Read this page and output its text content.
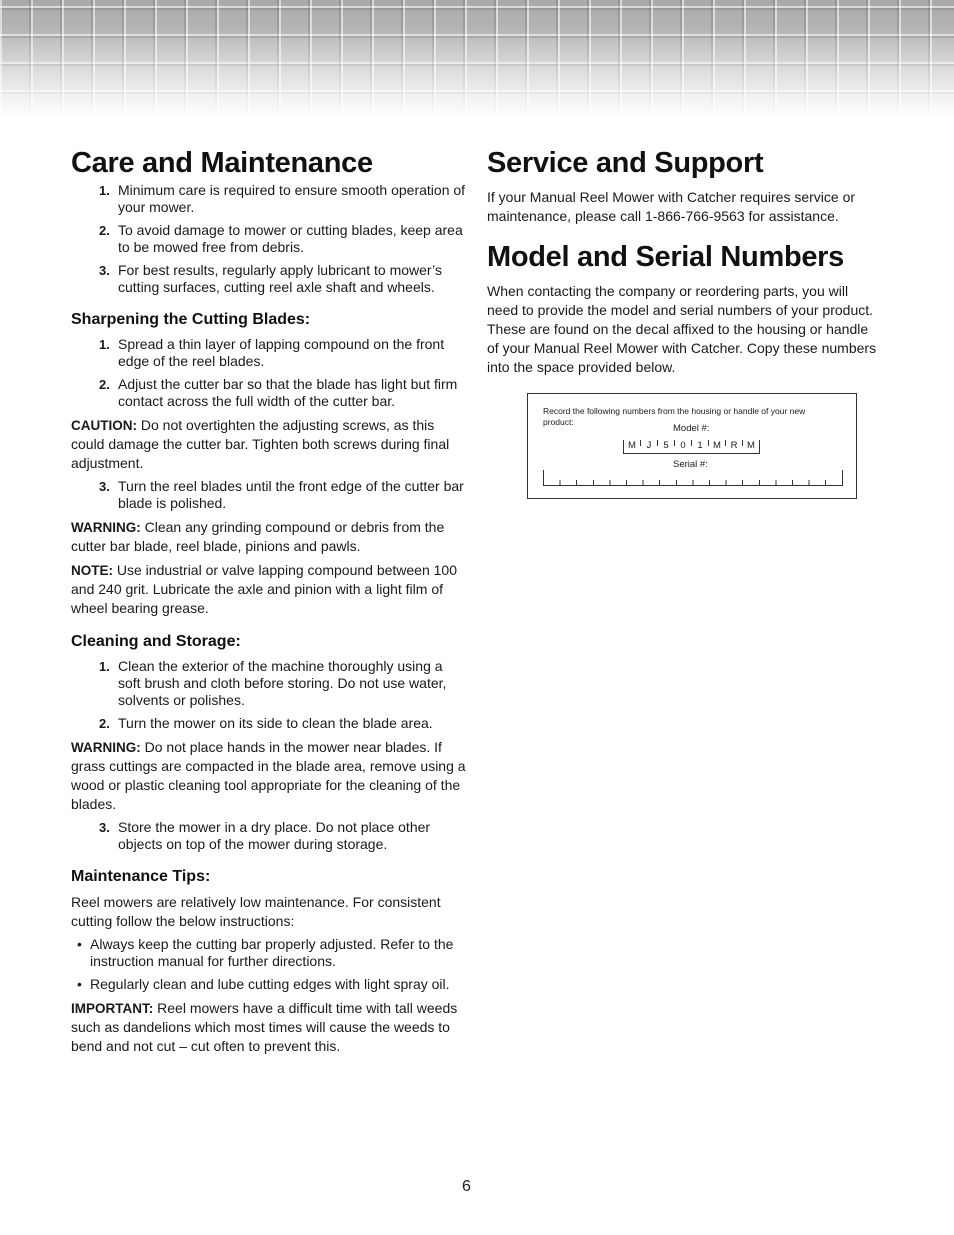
Care and Maintenance
1. Minimum care is required to ensure smooth operation of your mower.
2. To avoid damage to mower or cutting blades, keep area to be mowed free from debris.
3. For best results, regularly apply lubricant to mower’s cutting surfaces, cutting reel axle shaft and wheels.
Sharpening the Cutting Blades:
1. Spread a thin layer of lapping compound on the front edge of the reel blades.
2. Adjust the cutter bar so that the blade has light but firm contact across the full width of the cutter bar.

CAUTION: Do not overtighten the adjusting screws, as this could damage the cutter bar. Tighten both screws during final adjustment.

3. Turn the reel blades until the front edge of the cutter bar blade is polished.

WARNING: Clean any grinding compound or debris from the cutter bar blade, reel blade, pinions and pawls.

NOTE: Use industrial or valve lapping compound between 100 and 240 grit. Lubricate the axle and pinion with a light film of wheel bearing grease.

Cleaning and Storage:
1. Clean the exterior of the machine thoroughly using a soft brush and cloth before storing. Do not use water, solvents or polishes.
2. Turn the mower on its side to clean the blade area.

WARNING: Do not place hands in the mower near blades. If grass cuttings are compacted in the blade area, remove using a wood or plastic cleaning tool appropriate for the cleaning of the blades.

3. Store the mower in a dry place. Do not place other objects on top of the mower during storage.
Maintenance Tips:

Reel mowers are relatively low maintenance. For consistent cutting follow the below instructions:

• Always keep the cutting bar properly adjusted. Refer to the instruction manual for further directions.
• Regularly clean and lube cutting edges with light spray oil.

IMPORTANT: Reel mowers have a difficult time with tall weeds such as dandelions which most times will cause the weeds to bend and not cut – cut often to prevent this.

Service and Support

If your Manual Reel Mower with Catcher requires service or maintenance, please call 1-866-766-9563 for assistance.

Model and Serial Numbers

When contacting the company or reordering parts, you will need to provide the model and serial numbers of your product. These are found on the decal affixed to the housing or handle of your Manual Reel Mower with Catcher. Copy these numbers into the space provided below.

Record the following numbers from the housing or handle of your new product:
Model #:
M	J	5	0	1	M	R	M
Serial #:
6
